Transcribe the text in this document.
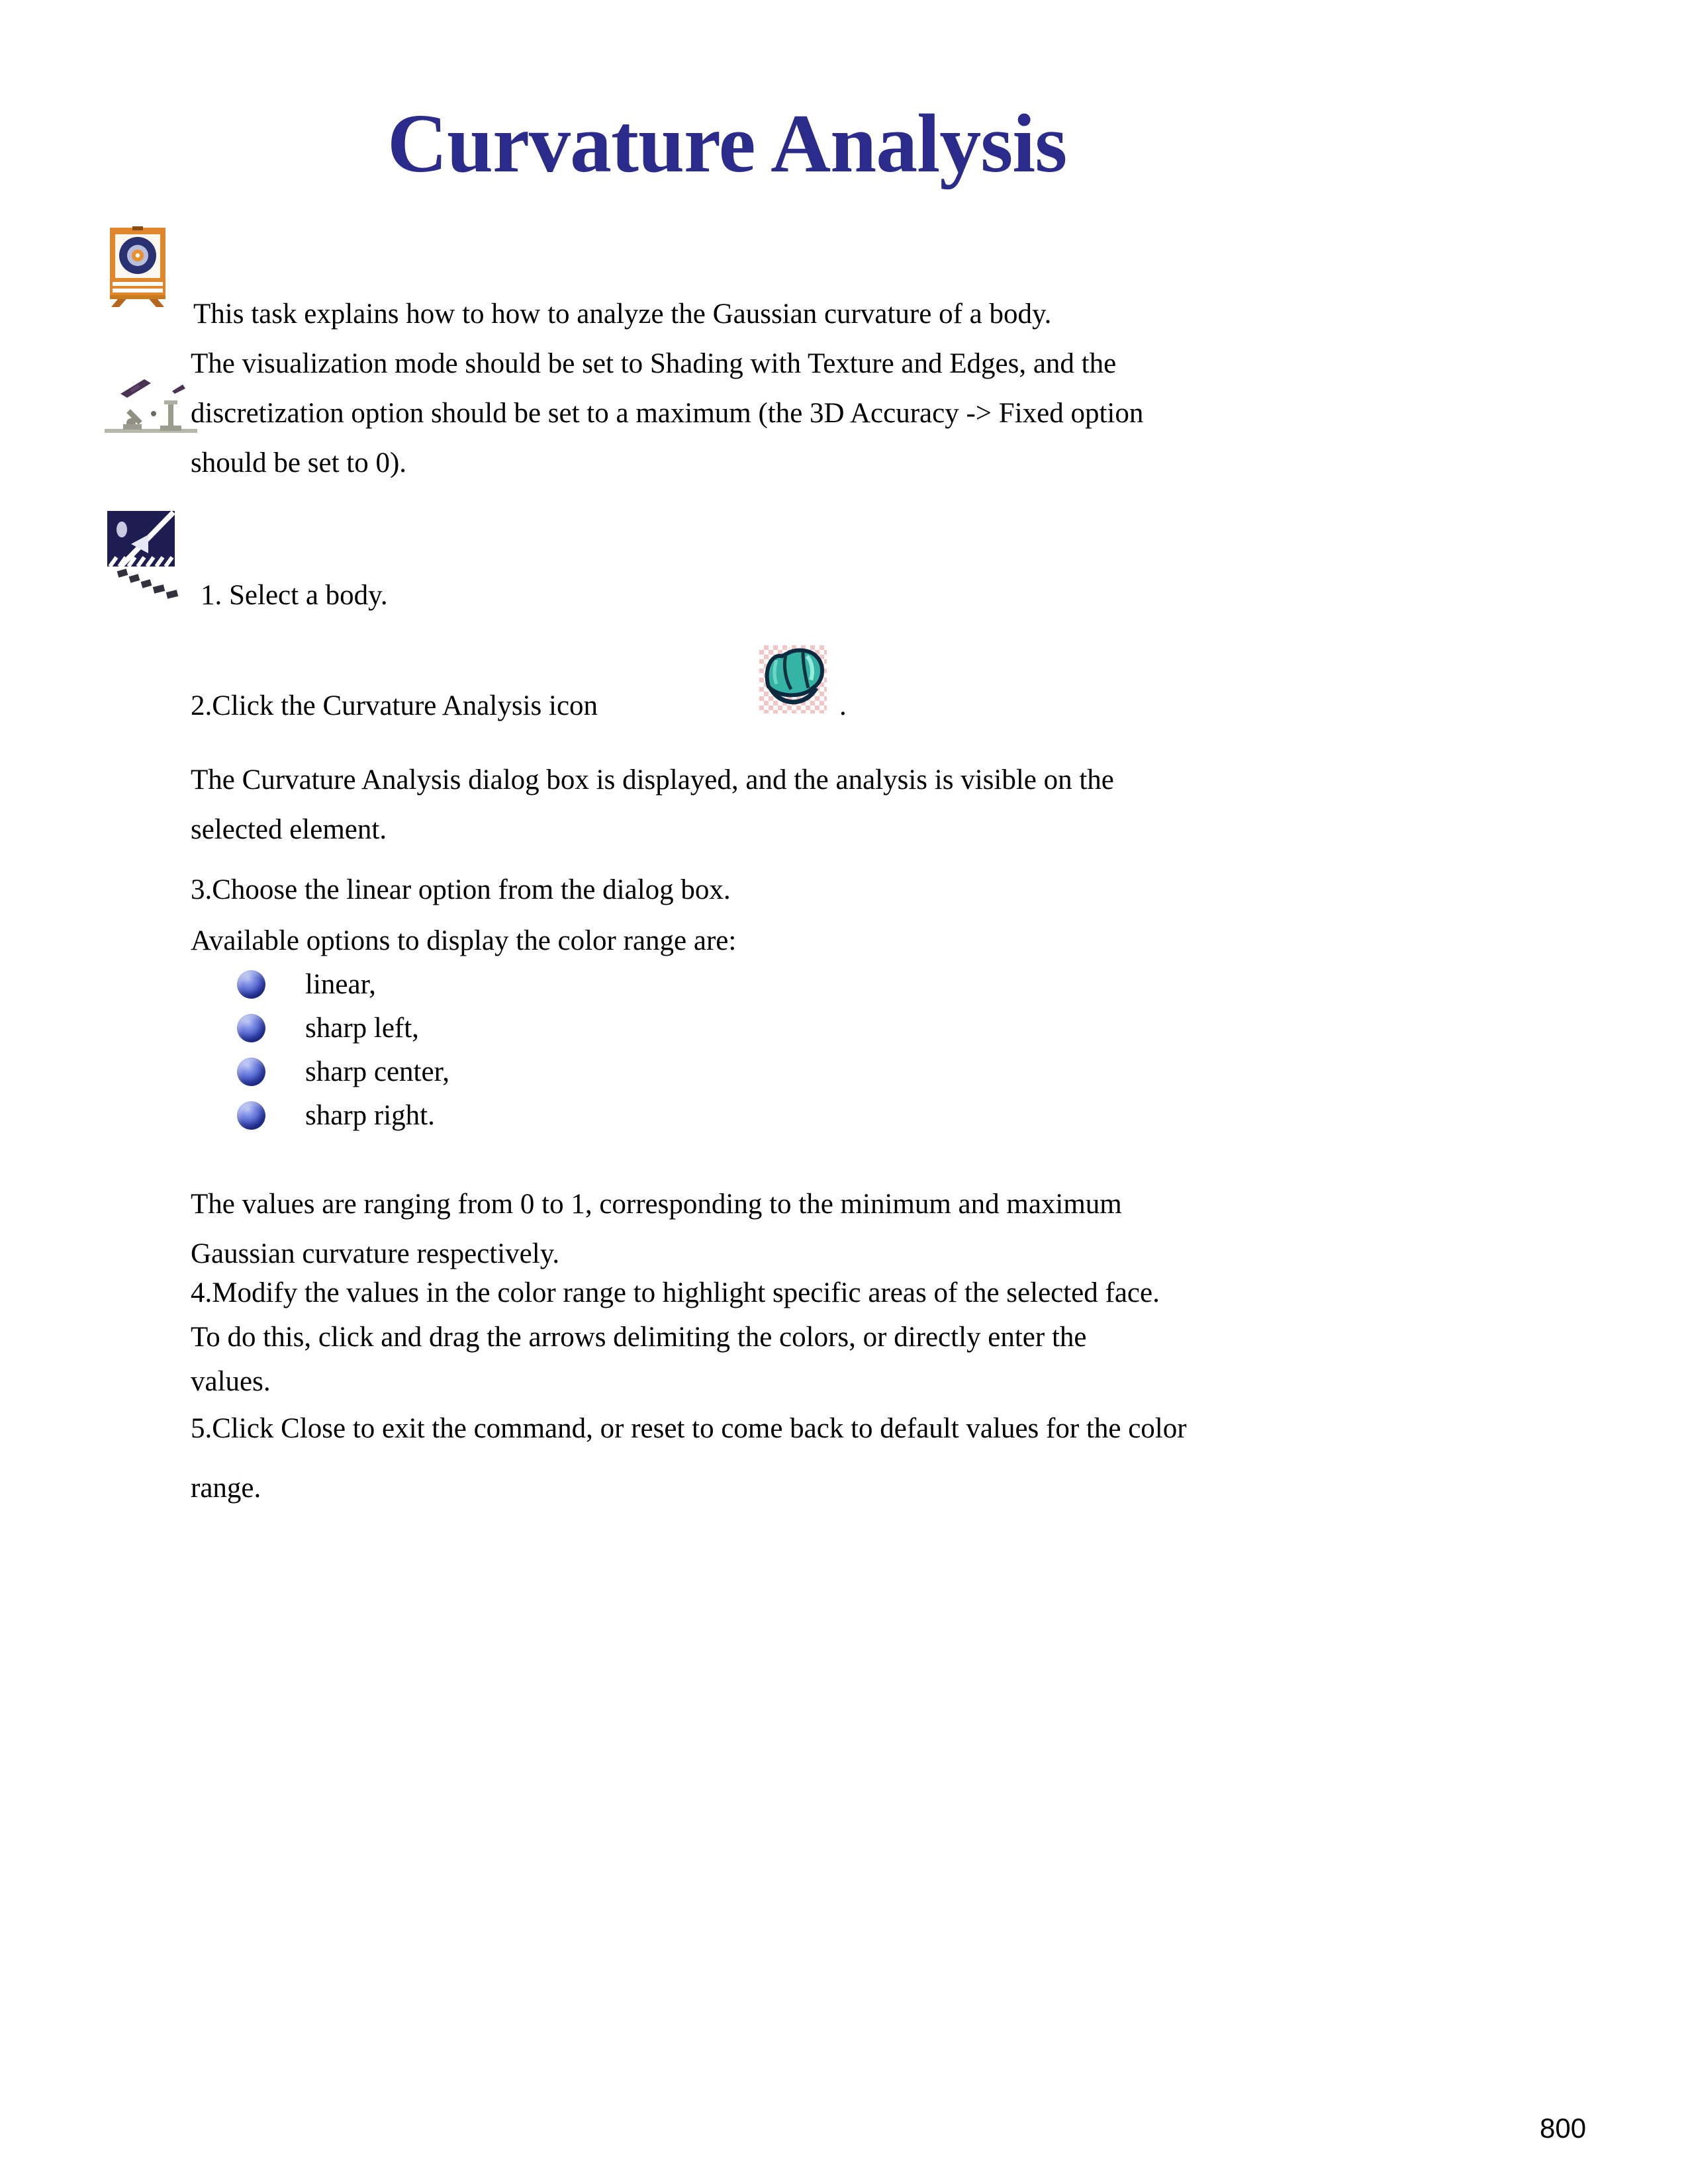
Curvature Analysis
This task explains how to how to analyze the Gaussian curvature of a body.
The visualization mode should be set to Shading with Texture and Edges, and the
discretization option should be set to a maximum (the 3D Accuracy -> Fixed option
should be set to 0).
1. Select a body.
2.Click the Curvature Analysis icon	.
The Curvature Analysis dialog box is displayed, and the analysis is visible on the
selected element.
3.Choose the linear option from the dialog box.
Available options to display the color range are:
linear,
sharp left,
sharp center,
sharp right.
The values are ranging from 0 to 1, corresponding to the minimum and maximum
Gaussian curvature respectively.
4.Modify the values in the color range to highlight specific areas of the selected face.
To do this, click and drag the arrows delimiting the colors, or directly enter the
values.
5.Click Close to exit the command, or reset to come back to default values for the color
range.
800
